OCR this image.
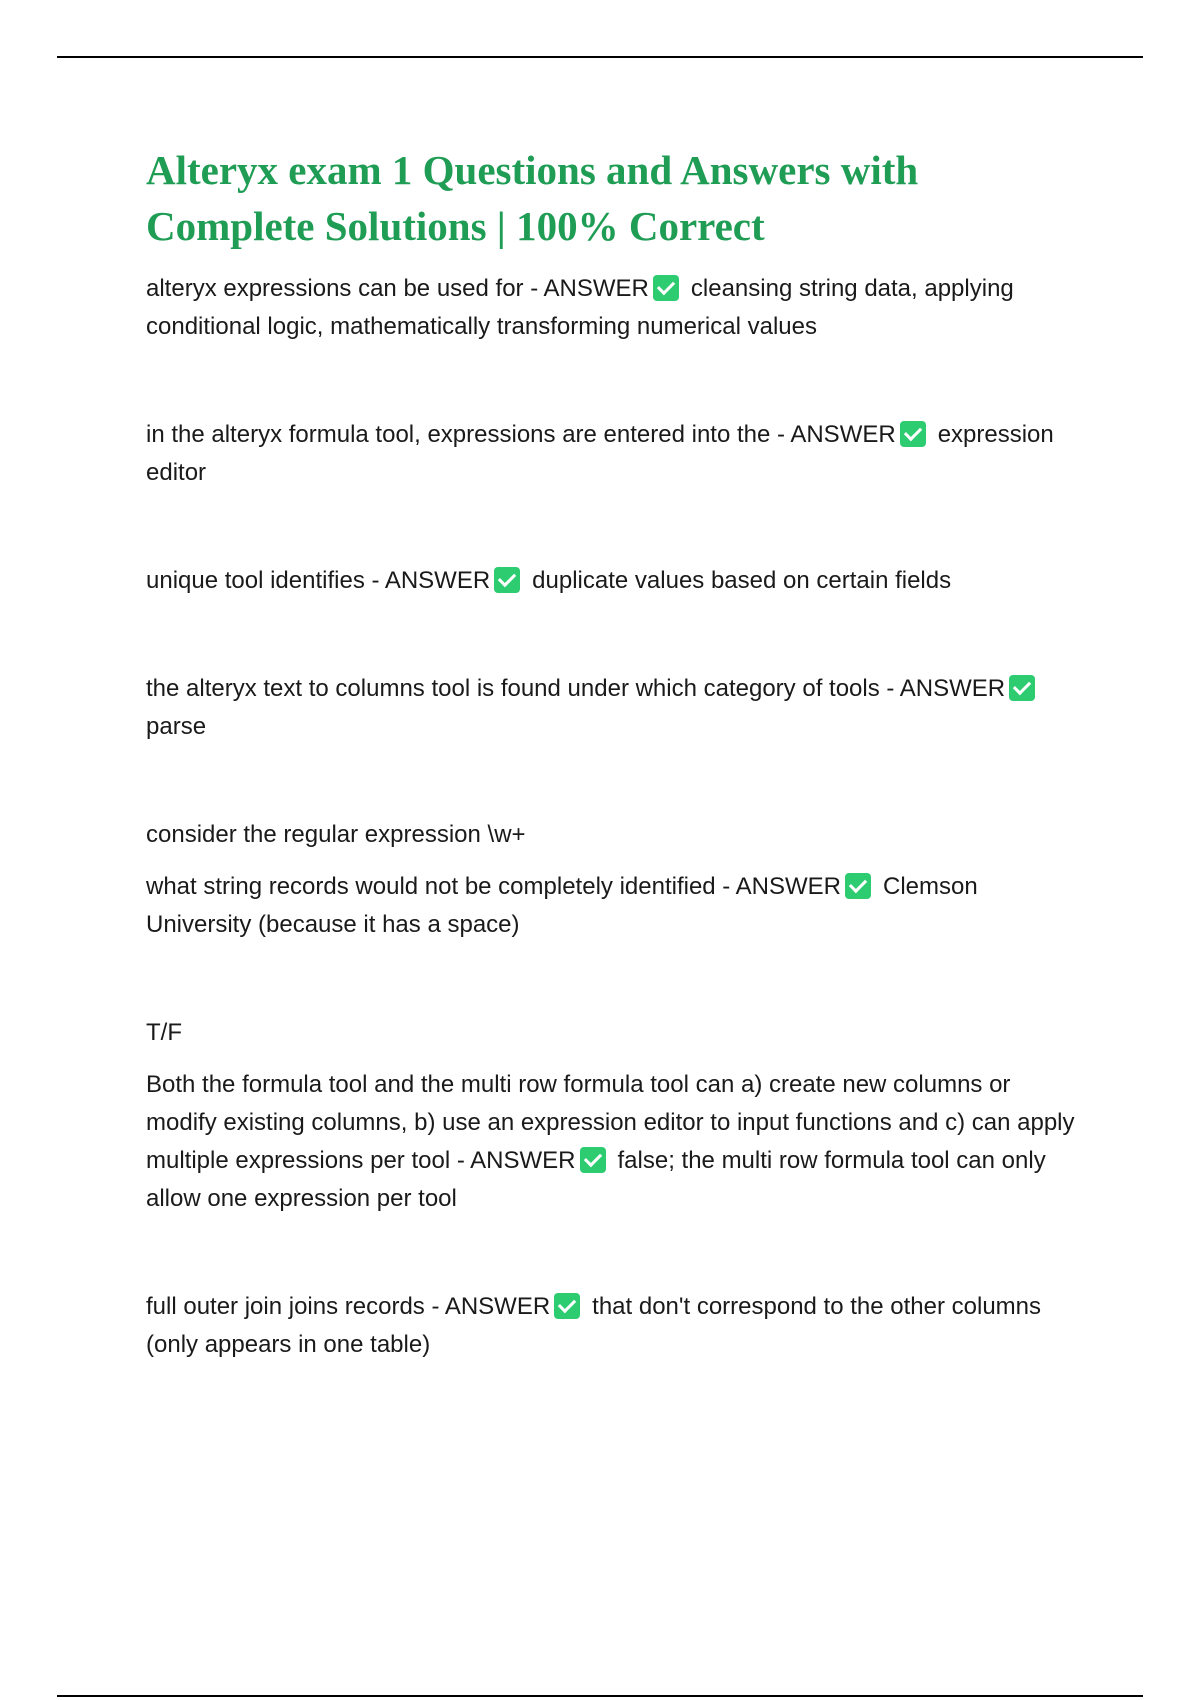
Alteryx exam 1 Questions and Answers with Complete Solutions | 100% Correct

alteryx expressions can be used for - ANSWER cleansing string data, applying conditional logic, mathematically transforming numerical values

in the alteryx formula tool, expressions are entered into the - ANSWER expression editor

unique tool identifies - ANSWER duplicate values based on certain fields

the alteryx text to columns tool is found under which category of tools - ANSWERparse

consider the regular expression \w+

what string records would not be completely identified - ANSWER Clemson University (because it has a space)

T/F

Both the formula tool and the multi row formula tool can a) create new columns or modify existing columns, b) use an expression editor to input functions and c) can apply multiple expressions per tool - ANSWER false; the multi row formula tool can only allow one expression per tool

full outer join joins records - ANSWER that don't correspond to the other columns (only appears in one table)
